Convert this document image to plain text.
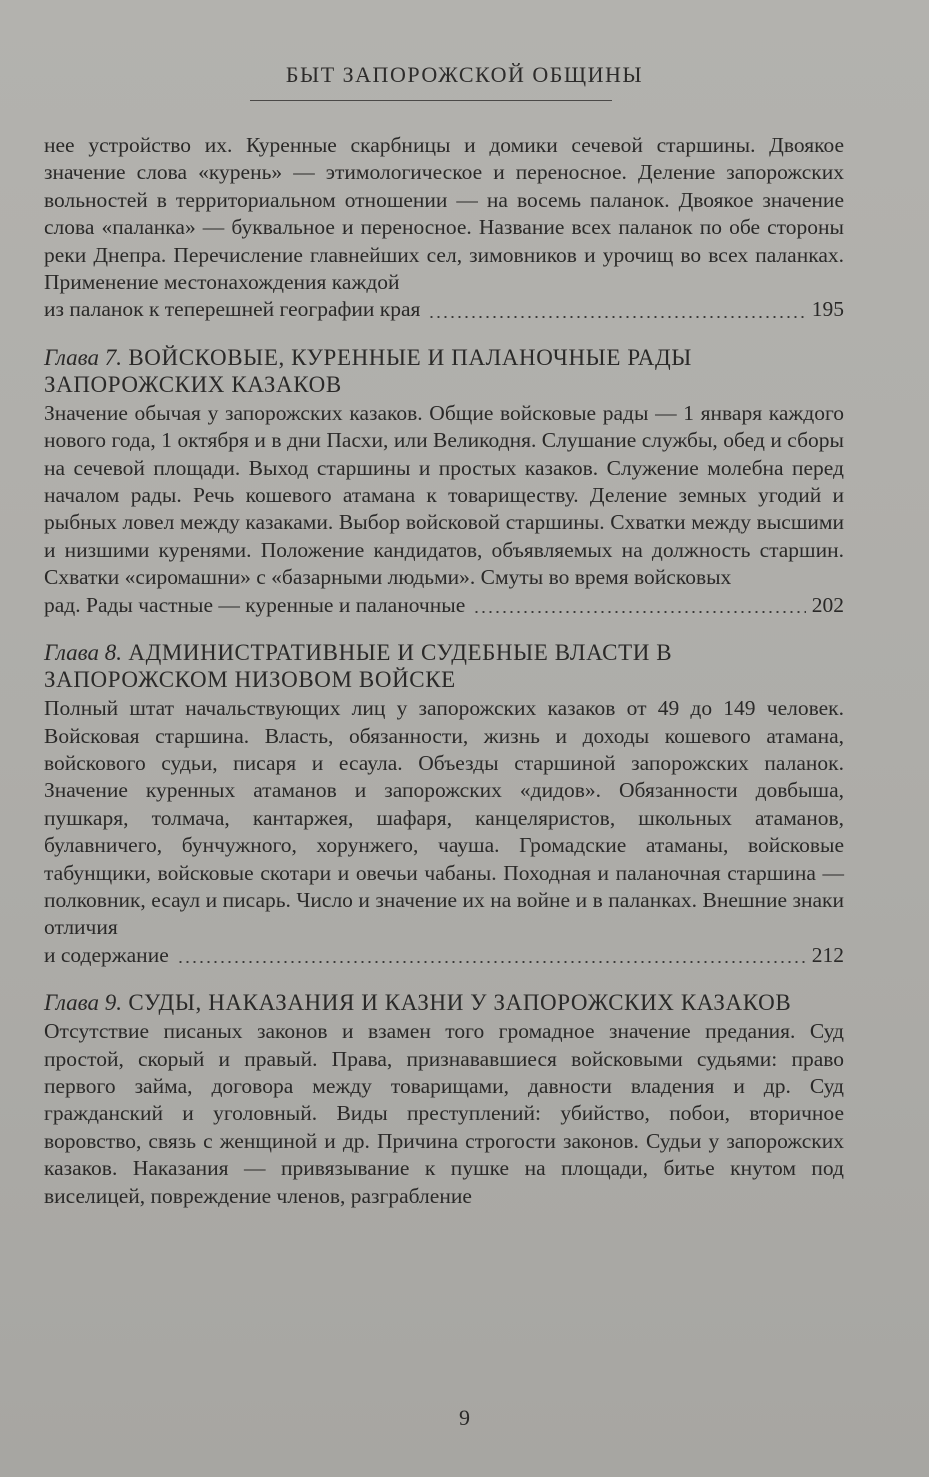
БЫТ ЗАПОРОЖСКОЙ ОБЩИНЫ

нее устройство их. Куренные скарбницы и домики сечевой старшины. Двоякое значение слова «курень» — этимологическое и переносное. Деление запорожских вольностей в территориальном отношении — на восемь паланок. Двоякое значение слова «паланка» — буквальное и переносное. Название всех паланок по обе стороны реки Днепра. Перечисление главнейших сел, зимовников и урочищ во всех паланках. Применение местонахождения каждой

из паланок к теперешней географии края	195
Глава 7. ВОЙСКОВЫЕ, КУРЕННЫЕ И ПАЛАНОЧНЫЕ РАДЫ ЗАПОРОЖСКИХ КАЗАКОВ

Значение обычая у запорожских казаков. Общие войсковые рады — 1 января каждого нового года, 1 октября и в дни Пасхи, или Великодня. Слушание службы, обед и сборы на сечевой площади. Выход старшины и простых казаков. Служение молебна перед началом рады. Речь кошевого атамана к товариществу. Деление земных угодий и рыбных ловел между казаками. Выбор войсковой старшины. Схватки между высшими и низшими куренями. Положение кандидатов, объявляемых на должность старшин. Схватки «сиромашни» с «базарными людьми». Смуты во время войсковых

рад. Рады частные — куренные и паланочные	202
Глава 8. АДМИНИСТРАТИВНЫЕ И СУДЕБНЫЕ ВЛАСТИ В ЗАПОРОЖСКОМ НИЗОВОМ ВОЙСКЕ

Полный штат начальствующих лиц у запорожских казаков от 49 до 149 человек. Войсковая старшина. Власть, обязанности, жизнь и доходы кошевого атамана, войскового судьи, писаря и есаула. Объезды старшиной запорожских паланок. Значение куренных атаманов и запорожских «дидов». Обязанности довбыша, пушкаря, толмача, кантаржея, шафаря, канцеляристов, школьных атаманов, булавничего, бунчужного, хорунжего, чауша. Громадские атаманы, войсковые табунщики, войсковые скотари и овечьи чабаны. Походная и паланочная старшина — полковник, есаул и писарь. Число и значение их на войне и в паланках. Внешние знаки отличия

и содержание	212
Глава 9. СУДЫ, НАКАЗАНИЯ И КАЗНИ У ЗАПОРОЖСКИХ КАЗАКОВ

Отсутствие писаных законов и взамен того громадное значение предания. Суд простой, скорый и правый. Права, признававшиеся войсковыми судьями: право первого займа, договора между товарищами, давности владения и др. Суд гражданский и уголовный. Виды преступлений: убийство, побои, вторичное воровство, связь с женщиной и др. Причина строгости законов. Судьи у запорожских казаков. Наказания — привязывание к пушке на площади, битье кнутом под виселицей, повреждение членов, разграбление

9
